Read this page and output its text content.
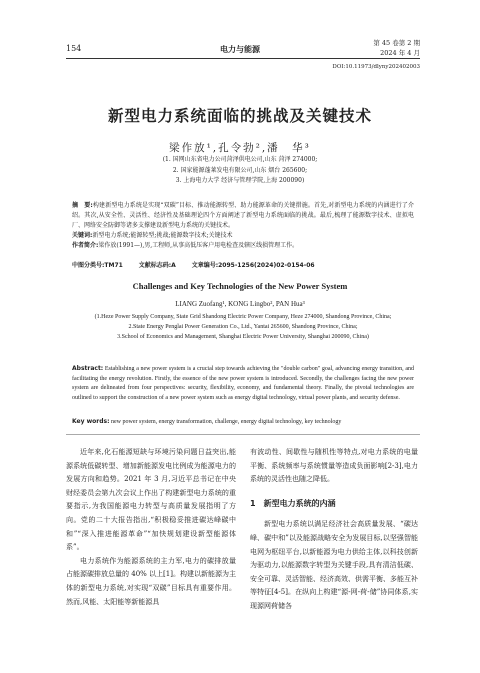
154	电力与能源
第 45 卷第 2 期
2024 年 4 月
DOI:10.11973/dlyny202402003
新型电力系统面临的挑战及关键技术
梁作放¹,孔令勃²,潘　华³
(1. 国网山东省电力公司菏泽供电公司,山东 菏泽 274000;
2. 国家能源蓬莱发电有限公司,山东 烟台 265600;
3. 上海电力大学 经济与管理学院,上海 200090)
摘　要:构建新型电力系统是实现“双碳”目标、推动能源转型、助力能源革命的关键措施。首先,对新型电力系统的内涵进行了介绍。其次,从安全性、灵活性、经济性及基础理论四个方面阐述了新型电力系统面临的挑战。最后,梳理了能源数字技术、虚拟电厂、网络安全防御等诸多支撑建设新型电力系统的关键技术。
关键词:新型电力系统;能源转型;挑战;能源数字技术;关键技术
作者简介:梁作放(1991—),男,工程师,从事高低压客户用电检查及辖区线损管理工作。
中图分类号:TM71	文献标志码:A	文章编号:2095-1256(2024)02-0154-06
Challenges and Key Technologies of the New Power System
LIANG Zuofang¹, KONG Lingbo², PAN Hua³
(1.Heze Power Supply Company, State Grid Shandong Electric Power Company, Heze 274000, Shandong Province, China;
2.State Energy Penglai Power Generation Co., Ltd., Yantai 265600, Shandong Province, China;
3.School of Economics and Management, Shanghai Electric Power University, Shanghai 200090, China)
Abstract: Establishing a new power system is a crucial step towards achieving the "double carbon" goal, advancing energy transition, and facilitating the energy revolution. Firstly, the essence of the new power system is introduced. Secondly, the challenges facing the new power system are delineated from four perspectives: security, flexibility, economy, and fundamental theory. Finally, the pivotal technologies are outlined to support the construction of a new power system such as energy digital technology, virtual power plants, and security defense.
Key words: new power system, energy transformation, challenge, energy digital technology, key technology

近年来,化石能源短缺与环境污染问题日益突出,能源系统低碳转型、增加新能源发电比例成为能源电力的发展方向和趋势。2021 年 3 月,习近平总书记在中央财经委员会第九次会议上作出了构建新型电力系统的重要指示,为我国能源电力转型与高质量发展指明了方向。党的二十大报告指出,“积极稳妥推进碳达峰碳中和”“深入推进能源革命”“加快规划建设新型能源体系”。

电力系统作为能源系统的主力军,电力的碳排放量占能源碳排放总量的 40% 以上[1]。构建以新能源为主体的新型电力系统,对实现“双碳”目标具有重要作用。然而,风能、太阳能等新能源具

有波动性、间歇性与随机性等特点,对电力系统的电量平衡、系统频率与系统惯量等造成负面影响[2-3],电力系统的灵活性也随之降低。

1　新型电力系统的内涵

新型电力系统以满足经济社会高质量发展、“碳达峰、碳中和”以及能源战略安全为发展目标,以坚强智能电网为枢纽平台,以新能源为电力供给主体,以科技创新为驱动力,以能源数字转型为关键手段,具有清洁低碳、安全可靠、灵活智能、经济高效、供需平衡、多能互补等特征[4-5]。在纵向上构建“源-网-荷-储”协同体系,实现源网荷储各
